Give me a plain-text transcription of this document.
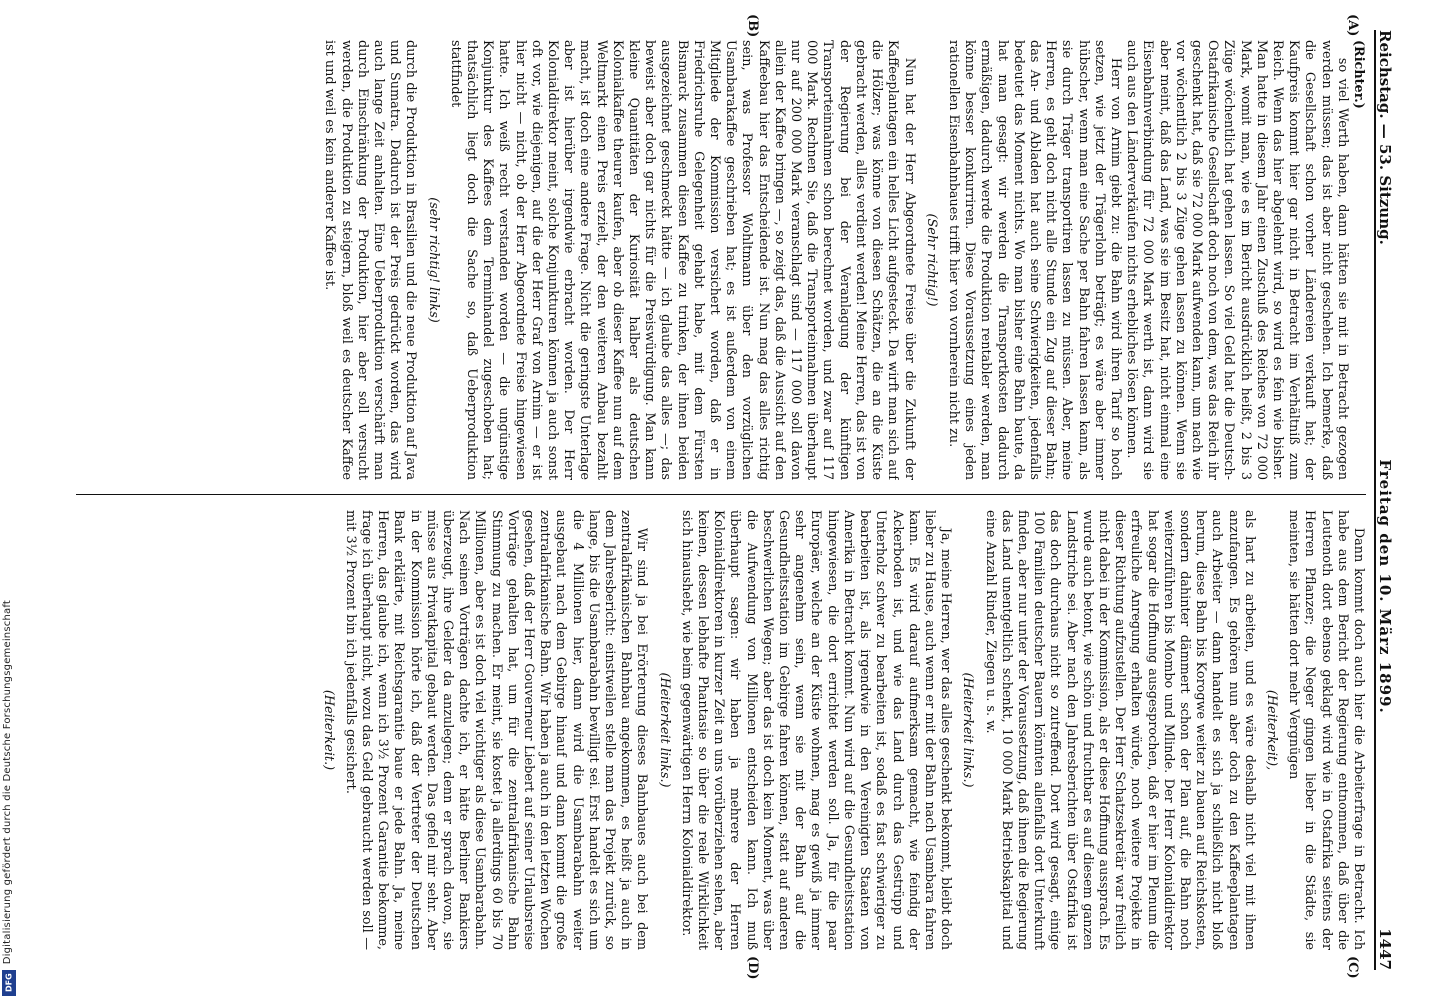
Digitalisierung gefördert durch die Deutsche Forschungsgemeinschaft
DFG
Reichstag. — 53. Sitzung.
Freitag den 10. März 1899.
1447
(A)
(B)
(C)
(D)

(Richter.)

so viel Werth haben, dann hätten sie mit in Betracht gezogen werden müssen; das ist aber nicht geschehen. Ich bemerke, daß die Gesellschaft schon vorher Ländereien verkauft hat; der Kaufpreis kommt hier gar nicht in Betracht im Verhältniß zum Reich. Wenn das hier abgelehnt wird, so wird es fein wie bisher. Man hatte in diesem Jahr einen Zuschuß des Reiches von 72 000 Mark, womit man, wie es im Bericht ausdrücklich heißt, 2 bis 3 Züge wöchentlich hat gehen lassen. So viel Geld hat die Deutsch-Ostafrikanische Gesellschaft doch noch von dem, was das Reich ihr geschenkt hat, daß sie 72 000 Mark aufwenden kann, um nach wie vor wöchentlich 2 bis 3 Züge gehen lassen zu können. Wenn sie aber meint, daß das Land, was sie im Besitz hat, nicht einmal eine Eisenbahnverbindung für 72 000 Mark werth ist, dann wird sie auch aus den Länderverkäufen nichts erhebliches lösen können.

Herr von Arnim giebt zu: die Bahn wird ihren Tarif so hoch setzen, wie jetzt der Trägerlohn beträgt; es wäre aber immer hübscher, wenn man eine Sache per Bahn fahren lassen kann, als sie durch Träger transportiren lassen zu müssen. Aber, meine Herren, es geht doch nicht alle Stunde ein Zug auf dieser Bahn; das An- und Abladen hat auch seine Schwierigkeiten, jedenfalls bedeutet das Moment nichts. Wo man bisher eine Bahn baute, da hat man gesagt: wir werden die Transportkosten dadurch ermäßigen, dadurch werde die Produktion rentabler werden, man könne besser konkurriren. Diese Voraussetzung eines jeden rationellen Eisenbahnbaues trifft hier von vornherein nicht zu.

(Sehr richtig!)

Nun hat der Herr Abgeordnete Freise über die Zukunft der Kaffeeplantagen ein helles Licht aufgesteckt. Da wirft man sich auf die Hölzer; was könne von diesen Schätzen, die an die Küste gebracht werden, alles verdient werden! Meine Herren, das ist von der Regierung bei der Veranlagung der künftigen Transporteinnahmen schon berechnet worden, und zwar auf 117 000 Mark. Rechnen Sie, daß die Transporteinnahmen überhaupt nur auf 200 000 Mark veranschlagt sind — 117 000 soll davon allein der Kaffee bringen —, so zeigt das, daß die Aussicht auf den Kaffeebau hier das Entscheidende ist. Nun mag das alles richtig sein, was Professor Wohltmann über den vorzüglichen Usambarakaffee geschrieben hat; es ist außerdem von einem Mitgliede der Kommission versichert worden, daß er in Friedrichsruhe Gelegenheit gehabt habe, mit dem Fürsten Bismarck zusammen diesen Kaffee zu trinken, der ihnen beiden ausgezeichnet geschmeckt hätte — ich glaube das alles —; das beweist aber doch gar nichts für die Preiswürdigung. Man kann kleine Quantitäten der Kuriosität halber als deutschen Kolonialkaffee theurer kaufen, aber ob dieser Kaffee nun auf dem Weltmarkt einen Preis erzielt, der den weiteren Anbau bezahlt macht, ist doch eine andere Frage. Nicht die geringste Unterlage aber ist hierüber irgendwie erbracht worden. Der Herr Kolonialdirektor meint, solche Konjunkturen können ja auch sonst oft vor, wie diejenigen, auf die der Herr Graf von Arnim — er ist hier nicht — nicht, ob der Herr Abgeordnete Freise hingewiesen hatte. Ich weiß recht verstanden worden — die ungünstige Konjunktur des Kaffees dem Terminhandel zugeschoben hat; thatsächlich liegt doch die Sache so, daß Ueberproduktion stattfindet

(sehr richtig! links)

durch die Produktion in Brasilien und die neue Produktion auf Java und Sumatra. Dadurch ist der Preis gedrückt worden, das wird auch lange Zeit anhalten. Eine Ueberproduktion verschärft man durch Einschränkung der Produktion, hier aber soll versucht werden, die Produktion zu steigern, bloß weil es deutscher Kaffee ist und weil es kein anderer Kaffee ist.

Dann kommt doch auch hier die Arbeiterfrage in Betracht. Ich habe aus dem Bericht der Regierung entnommen, daß über die Leutenoth dort ebenso geklagt wird wie in Ostafrika seitens der Herren Pflanzer; die Neger gingen lieber in die Städte, sie meinten, sie hätten dort mehr Vergnügen

(Heiterkeit),

als hart zu arbeiten, und es wäre deshalb nicht viel mit ihnen anzufangen. Es gehören nun aber doch zu den Kaffeeplantagen auch Arbeiter — dann handelt es sich ja schließlich nicht bloß herum, diese Bahn bis Korogwe weiter zu bauen auf Reichskosten, sondern dahinter dämmert schon der Plan auf, die Bahn noch weiterzuführen bis Mombo und Mlinde. Der Herr Kolonialdirektor hat sogar die Hoffnung ausgesprochen, daß er hier im Plenum die erfreuliche Anregung erhalten würde, noch weitere Projekte in dieser Richtung aufzustellen. Der Herr Schatzsekretär war freilich nicht dabei in der Kommission, als er diese Hoffnung aussprach. Es wurde auch betont, wie schön und fruchtbar es auf diesem ganzen Landstriche sei. Aber nach den Jahresberichten über Ostafrika ist das doch durchaus nicht so zutreffend. Dort wird gesagt, einige 100 Familien deutscher Bauern könnten allenfalls dort Unterkunft finden, aber nur unter der Voraussetzung, daß ihnen die Regierung das Land unentgeltlich schenkt, 10 000 Mark Betriebskapital und eine Anzahl Rinder, Ziegen u. s. w.

(Heiterkeit links.)

Ja, meine Herren, wer das alles geschenkt bekommt, bleibt doch lieber zu Hause, auch wenn er mit der Bahn nach Usambara fahren kann. Es wird darauf aufmerksam gemacht, wie feindig der Ackerboden ist, und wie das Land durch das Gestrüpp und Unterholz schwer zu bearbeiten ist, sodaß es fast schwieriger zu bearbeiten ist, als irgendwie in den Vereinigten Staaten von Amerika in Betracht kommt. Nun wird auf die Gesundheitsstation hingewiesen, die dort errichtet werden soll. Ja, für die paar Europäer, welche an der Küste wohnen, mag es gewiß ja immer sehr angenehm sein, wenn sie mit der Bahn auf die Gesundheitsstation im Gebirge fahren können, statt auf anderen beschwerlichen Wegen; aber das ist doch kein Moment, was über die Aufwendung von Millionen entscheiden kann. Ich muß überhaupt sagen: wir haben ja mehrere der Herren Kolonialdirektoren in kurzer Zeit an uns vorüberziehen sehen, aber keinen, dessen lebhafte Phantasie so über die reale Wirklichkeit sich hinaushebt, wie beim gegenwärtigen Herrn Kolonialdirektor.

(Heiterkeit links.)

Wir sind ja bei Erörterung dieses Bahnbaues auch bei dem zentralafrikanischen Bahnbau angekommen, es heißt ja auch in dem Jahresbericht: einstweilen stelle man das Projekt zurück, so lange, bis die Usambarabahn bewilligt sei. Erst handelt es sich um die 4 Millionen hier, dann wird die Usambarabahn weiter ausgebaut nach dem Gebirge hinauf und dann kommt die große zentralafrikanische Bahn. Wir haben ja auch in den letzten Wochen gesehen, daß der Herr Gouverneur Liebert auf seiner Urlaubsreise Vorträge gehalten hat, um für die zentralafrikanische Bahn Stimmung zu machen. Er meint, sie kostet ja allerdings 60 bis 70 Millionen, aber es ist doch viel wichtiger als diese Usambarabahn. Nach seinen Vorträgen dachte ich, er hätte Berliner Bankiers überzeugt, ihre Gelder da anzulegen; denn er sprach davon, sie müsse aus Privatkapital gebaut werden. Das gefiel mir sehr. Aber in der Kommission hörte ich, daß der Vertreter der Deutschen Bank erklärte, mit Reichsgarantie baue er jede Bahn. Ja, meine Herren, das glaube ich, wenn ich 3½ Prozent Garantie bekomme, frage ich überhaupt nicht, wozu das Geld gebraucht werden soll — mit 3½ Prozent bin ich jedenfalls gesichert.

(Heiterkeit.)
